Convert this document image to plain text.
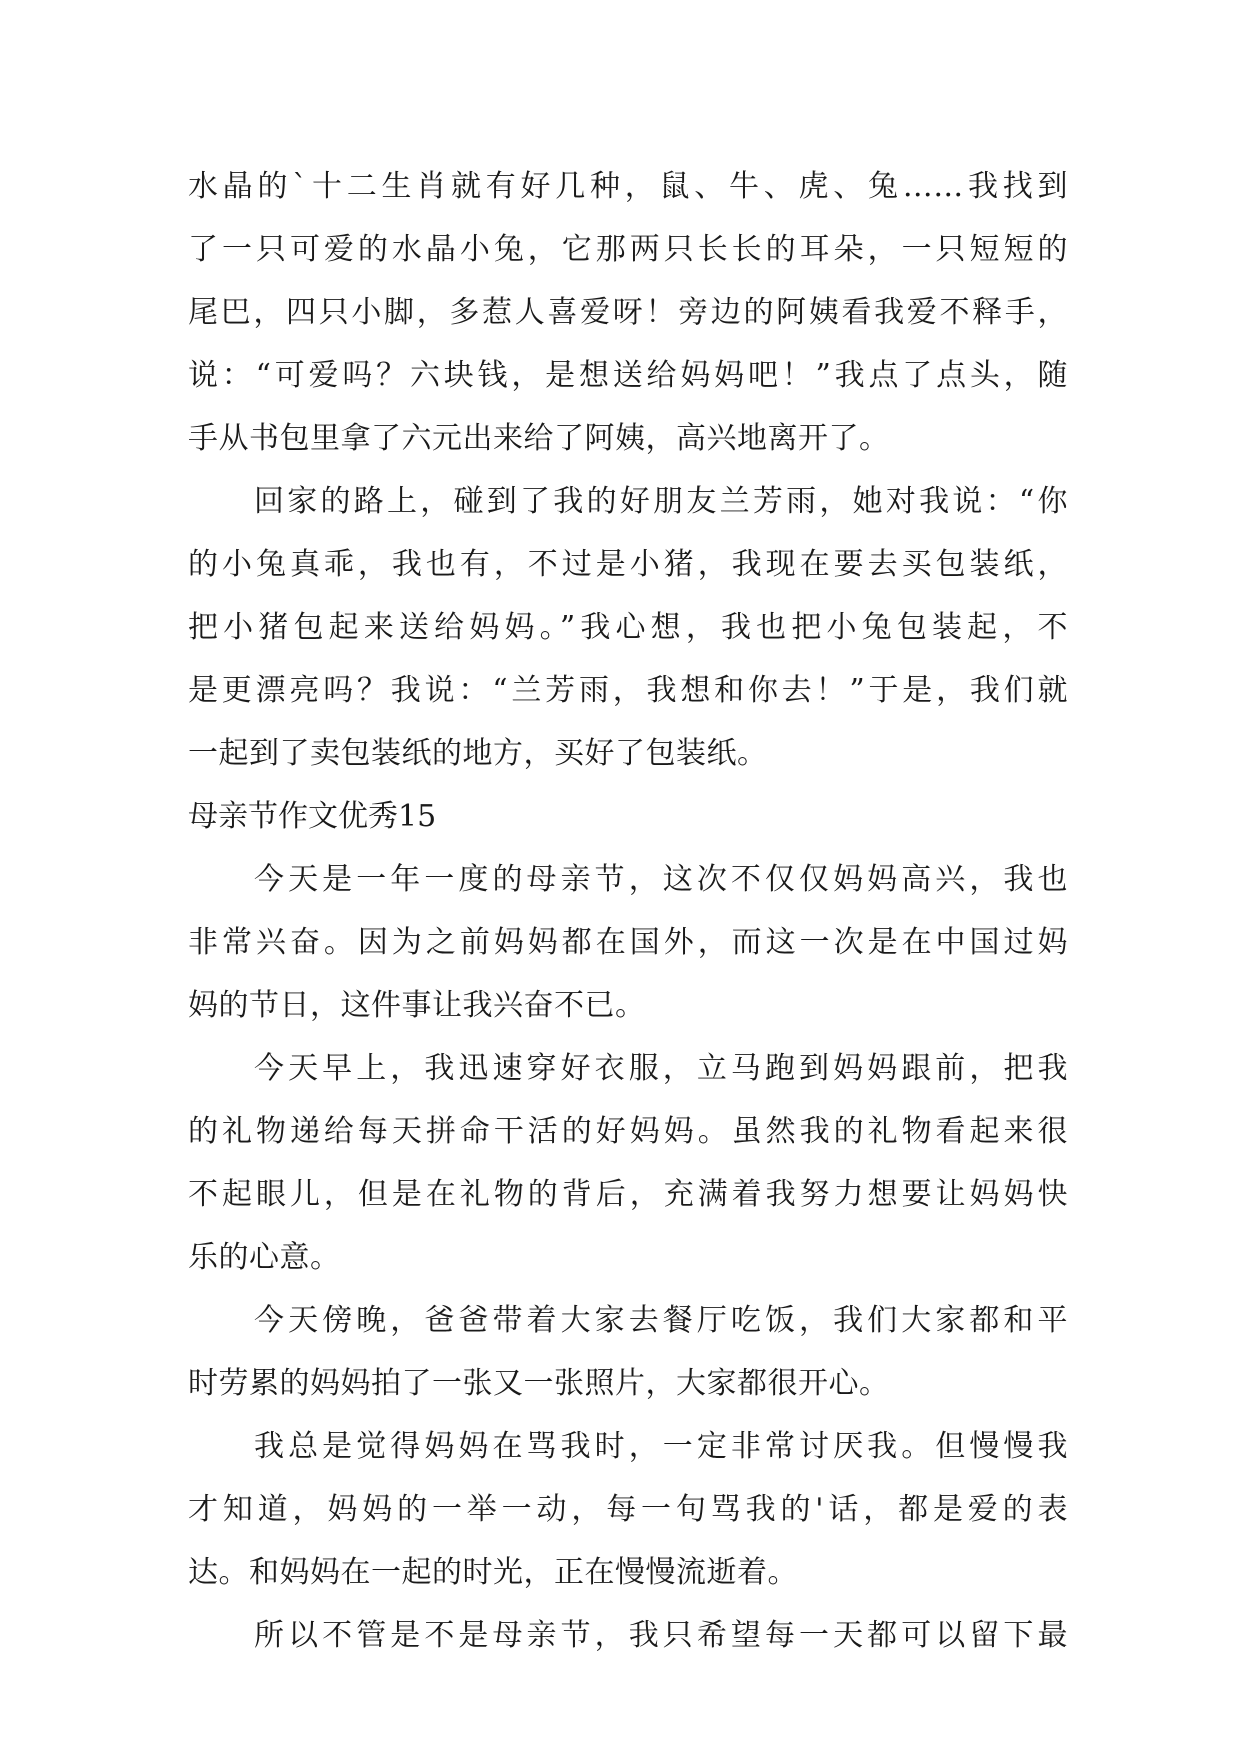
水晶的`十二生肖就有好几种，鼠、牛、虎、兔……我找到
了一只可爱的水晶小兔，它那两只长长的耳朵，一只短短的
尾巴，四只小脚，多惹人喜爱呀！旁边的阿姨看我爱不释手，
说：“可爱吗？六块钱，是想送给妈妈吧！”我点了点头，随
手从书包里拿了六元出来给了阿姨，高兴地离开了。
回家的路上，碰到了我的好朋友兰芳雨，她对我说：“你
的小兔真乖，我也有，不过是小猪，我现在要去买包装纸，
把小猪包起来送给妈妈。”我心想，我也把小兔包装起，不
是更漂亮吗？我说：“兰芳雨，我想和你去！”于是，我们就
一起到了卖包装纸的地方，买好了包装纸。
母亲节作文优秀15
今天是一年一度的母亲节，这次不仅仅妈妈高兴，我也
非常兴奋。因为之前妈妈都在国外，而这一次是在中国过妈
妈的节日，这件事让我兴奋不已。
今天早上，我迅速穿好衣服，立马跑到妈妈跟前，把我
的礼物递给每天拼命干活的好妈妈。虽然我的礼物看起来很
不起眼儿，但是在礼物的背后，充满着我努力想要让妈妈快
乐的心意。
今天傍晚，爸爸带着大家去餐厅吃饭，我们大家都和平
时劳累的妈妈拍了一张又一张照片，大家都很开心。
我总是觉得妈妈在骂我时，一定非常讨厌我。但慢慢我
才知道，妈妈的一举一动，每一句骂我的'话，都是爱的表
达。和妈妈在一起的时光，正在慢慢流逝着。
所以不管是不是母亲节，我只希望每一天都可以留下最
